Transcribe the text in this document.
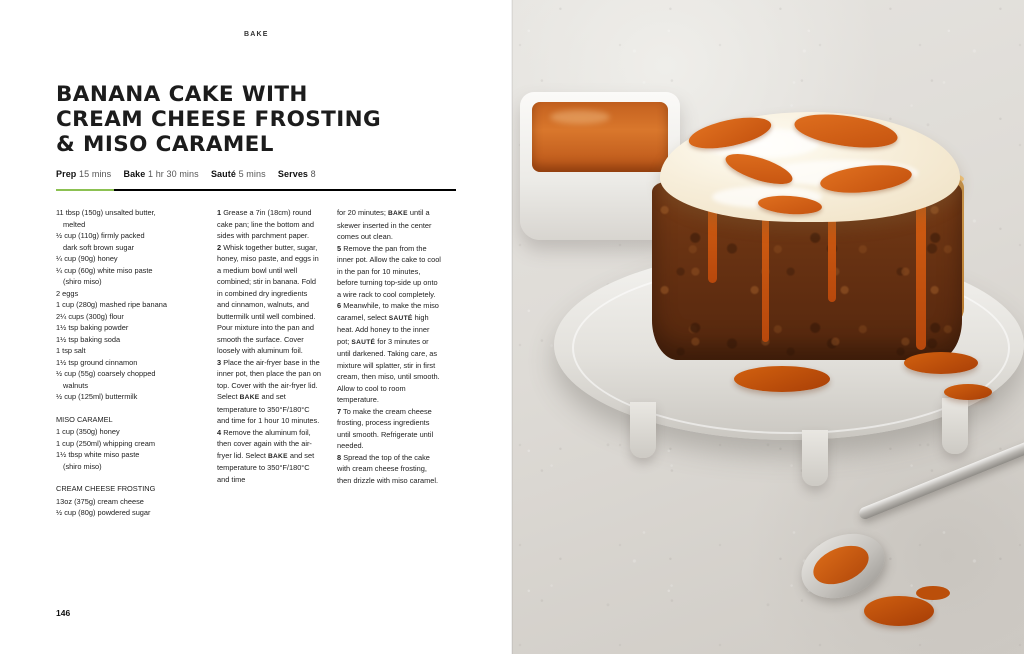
BAKE
BANANA CAKE WITH
CREAM CHEESE FROSTING
& MISO CARAMEL
Prep 15 mins Bake 1 hr 30 mins Sauté 5 mins Serves 8
11 tbsp (150g) unsalted butter,
melted
½ cup (110g) firmly packed
dark soft brown sugar
¼ cup (90g) honey
¼ cup (60g) white miso paste
(shiro miso)
2 eggs
1 cup (280g) mashed ripe banana
2¼ cups (300g) flour
1½ tsp baking powder
1½ tsp baking soda
1 tsp salt
1½ tsp ground cinnamon
½ cup (55g) coarsely chopped
walnuts
½ cup (125ml) buttermilk
MISO CARAMEL
1 cup (350g) honey
1 cup (250ml) whipping cream
1½ tbsp white miso paste
(shiro miso)
CREAM CHEESE FROSTING
13oz (375g) cream cheese
½ cup (80g) powdered sugar

1 Grease a 7in (18cm) round cake pan; line the bottom and sides with parchment paper.

2 Whisk together butter, sugar, honey, miso paste, and eggs in a medium bowl until well combined; stir in banana. Fold in combined dry ingredients and cinnamon, walnuts, and buttermilk until well combined. Pour mixture into the pan and smooth the surface. Cover loosely with aluminum foil.

3 Place the air-fryer base in the inner pot, then place the pan on top. Cover with the air-fryer lid. Select BAKE and set temperature to 350°F/180°C and time for 1 hour 10 minutes.

4 Remove the aluminum foil, then cover again with the air-fryer lid. Select BAKE and set temperature to 350°F/180°C and time

for 20 minutes; BAKE until a skewer inserted in the center comes out clean.

5 Remove the pan from the inner pot. Allow the cake to cool in the pan for 10 minutes, before turning top-side up onto a wire rack to cool completely.

6 Meanwhile, to make the miso caramel, select SAUTÉ high heat. Add honey to the inner pot; SAUTÉ for 3 minutes or until darkened. Taking care, as mixture will splatter, stir in first cream, then miso, until smooth. Allow to cool to room temperature.

7 To make the cream cheese frosting, process ingredients until smooth. Refrigerate until needed.

8 Spread the top of the cake with cream cheese frosting, then drizzle with miso caramel.

146
